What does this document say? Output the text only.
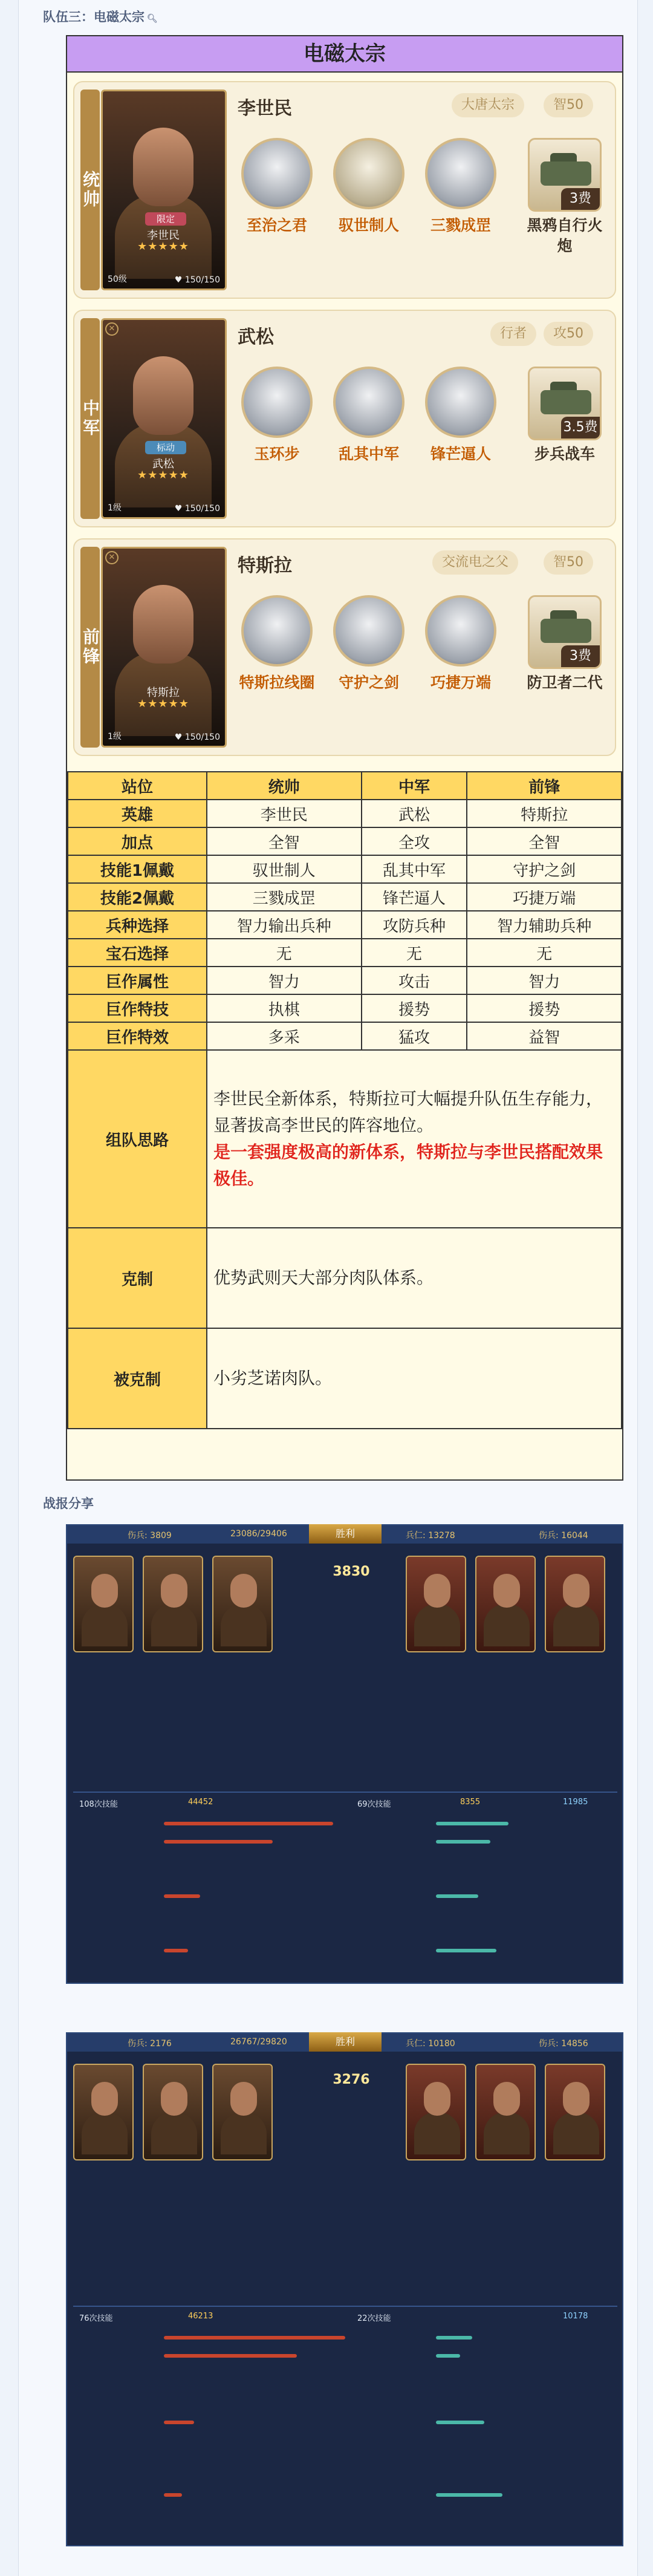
队伍三：电磁太宗 🔍︎
电磁太宗
统帅
限定
李世民
★★★★★
50级	♥ 150/150
李世民	大唐太宗	智50
至治之君	驭世制人	三戮成罡
3费
黑鸦自行火炮
中军
✕
标动
武松
★★★★★
1级	♥ 150/150
武松	行者	攻50
玉环步	乱其中军	锋芒逼人
3.5费
步兵战车
前锋
✕
特斯拉
★★★★★
1级	♥ 150/150
特斯拉	交流电之父	智50
特斯拉线圈	守护之剑	巧捷万端
3费
防卫者二代
站位	统帅	中军	前锋
英雄	李世民	武松	特斯拉
加点	全智	全攻	全智
技能1佩戴	驭世制人	乱其中军	守护之剑
技能2佩戴	三戮成罡	锋芒逼人	巧捷万端
兵种选择	智力输出兵种	攻防兵种	智力辅助兵种
宝石选择	无	无	无
巨作属性	智力	攻击	智力
巨作特技	执棋	援势	援势
巨作特效	多采	猛攻	益智
组队思路	李世民全新体系，特斯拉可大幅提升队伍生存能力，显著拔高李世民的阵容地位。
是一套强度极高的新体系，特斯拉与李世民搭配效果极佳。		

克制	优势武则天大部分肉队体系。		
被克制	小劣芝诺肉队。		
战报分享
伤兵: 3809	23086/29406	兵仁: 13278	伤兵: 16044
胜利
3830
108次技能	44452	69次技能	8355	11985
伤兵: 2176	26767/29820	兵仁: 10180	伤兵: 14856
胜利
3276
76次技能	46213	22次技能	10178
